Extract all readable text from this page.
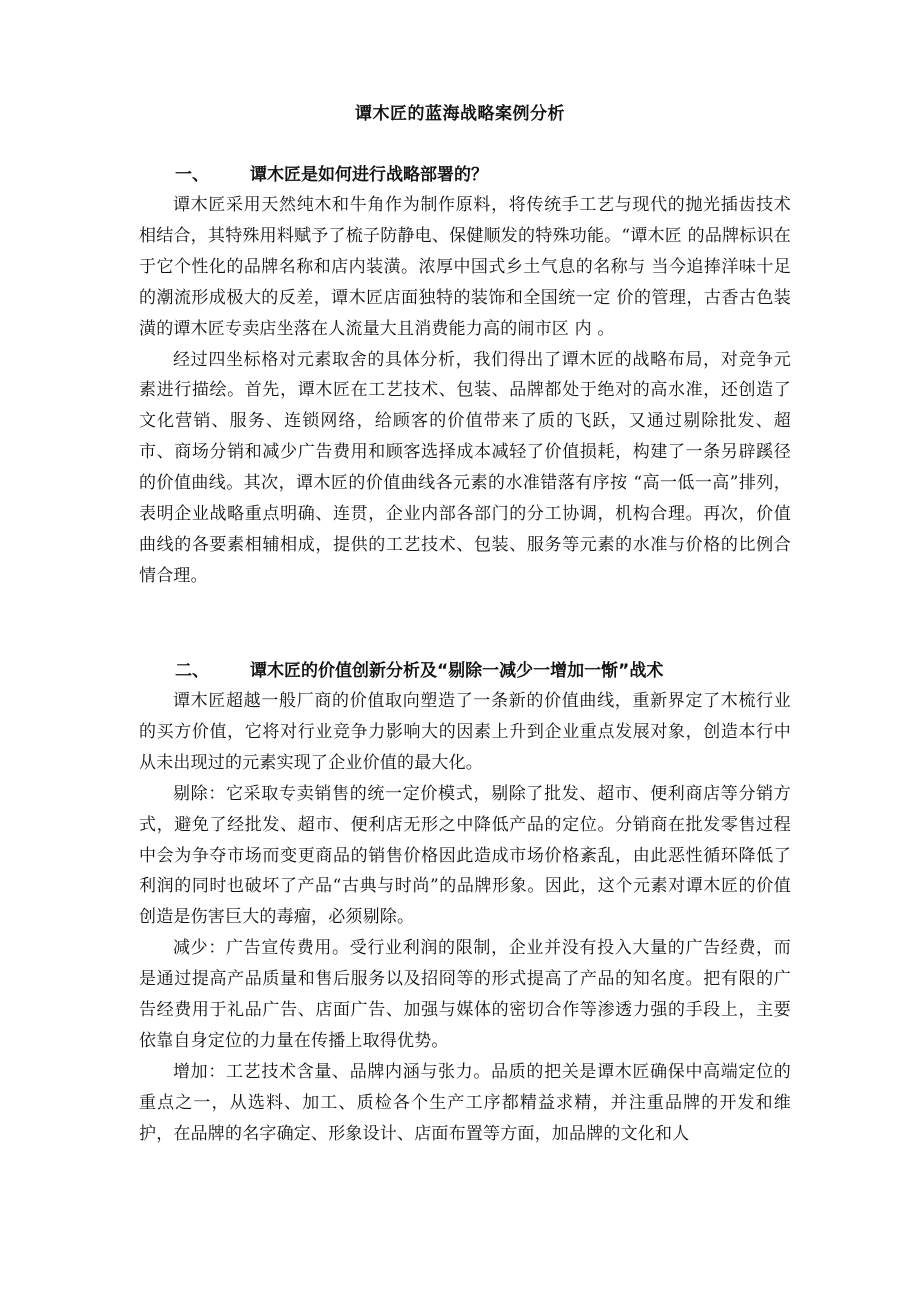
谭木匠的蓝海战略案例分析
一、 谭木匠是如何进行战略部署的？

谭木匠采用天然纯木和牛角作为制作原料，将传统手工艺与现代的抛光插齿技术相结合，其特殊用料赋予了梳子防静电、保健顺发的特殊功能。“谭木匠 的品牌标识在于它个性化的品牌名称和店内装潢。浓厚中国式乡土气息的名称与 当今追捧洋味十足的潮流形成极大的反差，谭木匠店面独特的装饰和全国统一定 价的管理，古香古色装潢的谭木匠专卖店坐落在人流量大且消费能力高的闹市区 内 。

经过四坐标格对元素取舍的具体分析，我们得出了谭木匠的战略布局，对竞争元素进行描绘。首先，谭木匠在工艺技术、包装、品牌都处于绝对的高水准，还创造了文化营销、服务、连锁网络，给顾客的价值带来了质的飞跃，又通过剔除批发、超市、商场分销和减少广告费用和顾客选择成本减轻了价值损耗，构建了一条另辟蹊径的价值曲线。其次，谭木匠的价值曲线各元素的水准错落有序按 “高一低一高”排列，表明企业战略重点明确、连贯，企业内部各部门的分工协调，机构合理。再次，价值曲线的各要素相辅相成，提供的工艺技术、包装、服务等元素的水准与价格的比例合情合理。

二、 谭木匠的价值创新分析及“剔除一减少一增加一惭”战术

谭木匠超越一般厂商的价值取向塑造了一条新的价值曲线，重新界定了木梳行业的买方价值，它将对行业竞争力影响大的因素上升到企业重点发展对象，创造本行中从未出现过的元素实现了企业价值的最大化。

剔除：它采取专卖销售的统一定价模式，剔除了批发、超市、便利商店等分销方式，避免了经批发、超市、便利店无形之中降低产品的定位。分销商在批发零售过程中会为争夺市场而变更商品的销售价格因此造成市场价格紊乱，由此恶性循环降低了利润的同时也破坏了产品“古典与时尚”的品牌形象。因此，这个元素对谭木匠的价值创造是伤害巨大的毒瘤，必须剔除。

减少：广告宣传费用。受行业利润的限制，企业并没有投入大量的广告经费，而是通过提高产品质量和售后服务以及招冏等的形式提高了产品的知名度。把有限的广告经费用于礼品广告、店面广告、加强与媒体的密切合作等渗透力强的手段上，主要依靠自身定位的力量在传播上取得优势。

增加：工艺技术含量、品牌内涵与张力。品质的把关是谭木匠确保中高端定位的重点之一，从选料、加工、质检各个生产工序都精益求精，并注重品牌的开发和维护，在品牌的名字确定、形象设计、店面布置等方面，加品牌的文化和人
